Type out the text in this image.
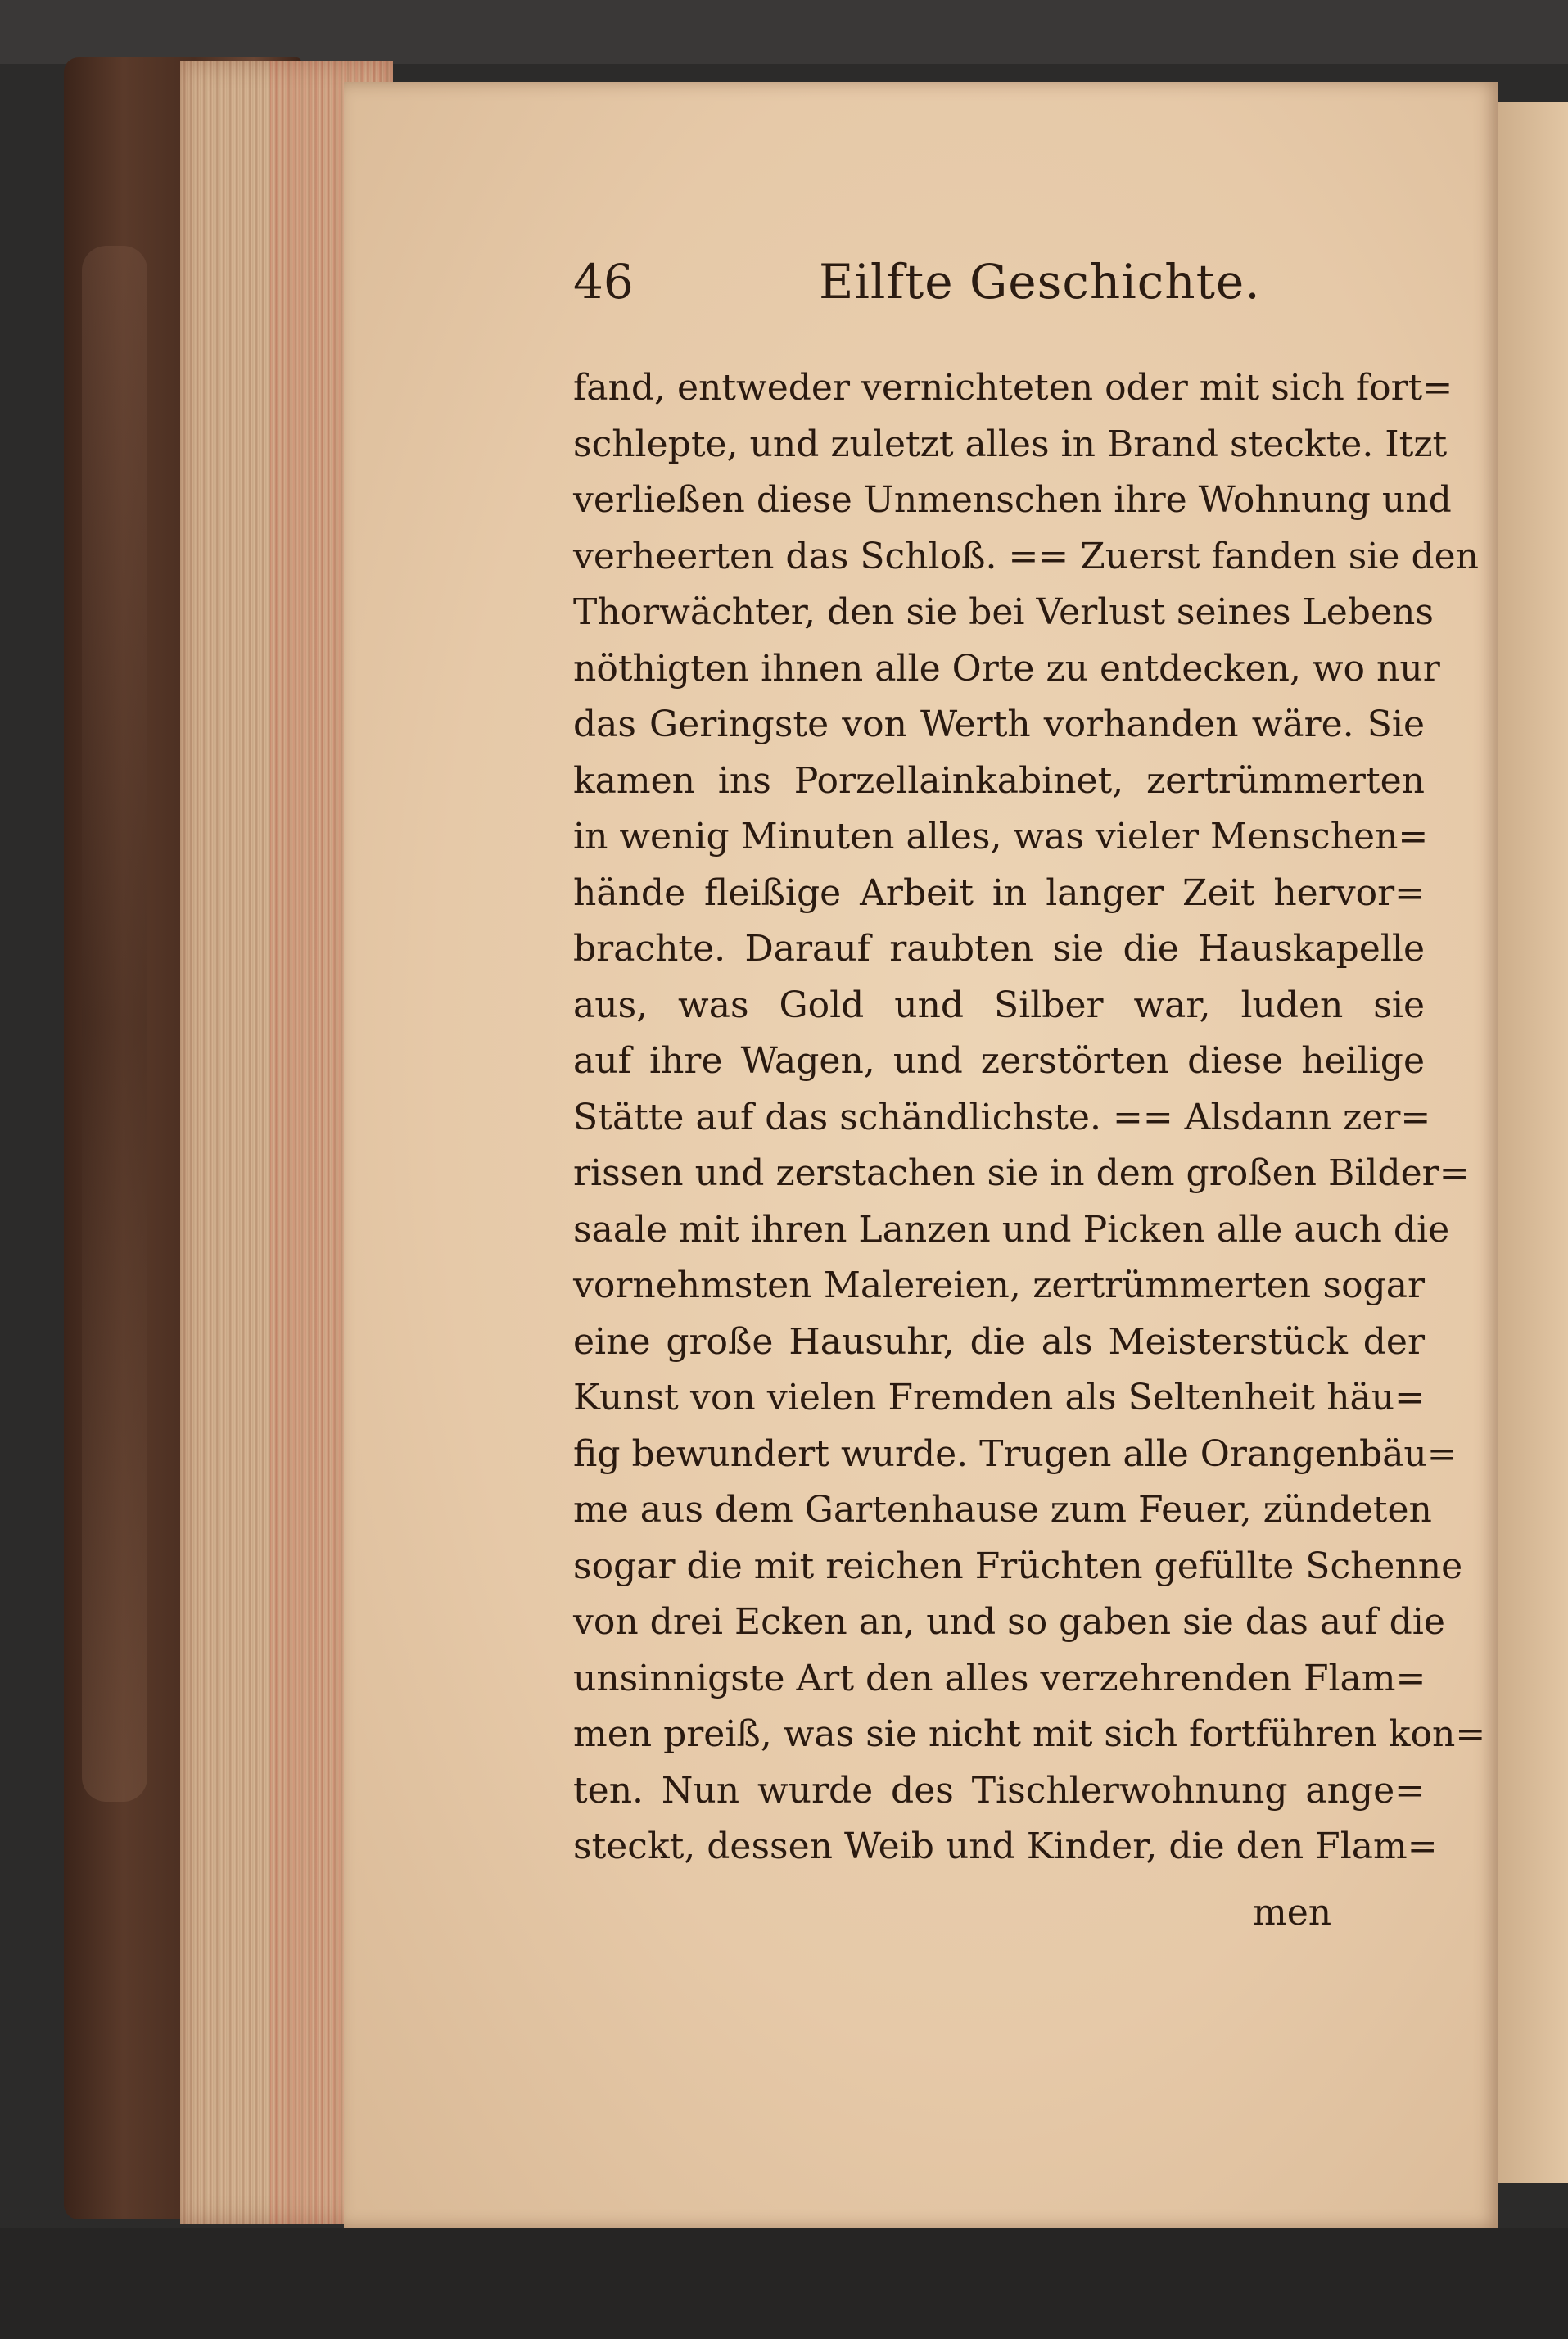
46	Eilfte Geschichte.
fand, entweder vernichteten oder mit sich fort=
schlepte, und zuletzt alles in Brand steckte. Itzt
verließen diese Unmenschen ihre Wohnung und
verheerten das Schloß. == Zuerst fanden sie den
Thorwächter, den sie bei Verlust seines Lebens
nöthigten ihnen alle Orte zu entdecken, wo nur
das Geringste von Werth vorhanden wäre. Sie
kamen ins Porzellainkabinet, zertrümmerten
in wenig Minuten alles, was vieler Menschen=
hände fleißige Arbeit in langer Zeit hervor=
brachte. Darauf raubten sie die Hauskapelle
aus, was Gold und Silber war, luden sie
auf ihre Wagen, und zerstörten diese heilige
Stätte auf das schändlichste. == Alsdann zer=
rissen und zerstachen sie in dem großen Bilder=
saale mit ihren Lanzen und Picken alle auch die
vornehmsten Malereien, zertrümmerten sogar
eine große Hausuhr, die als Meisterstück der
Kunst von vielen Fremden als Seltenheit häu=
fig bewundert wurde. Trugen alle Orangenbäu=
me aus dem Gartenhause zum Feuer, zündeten
sogar die mit reichen Früchten gefüllte Schenne
von drei Ecken an, und so gaben sie das auf die
unsinnigste Art den alles verzehrenden Flam=
men preiß, was sie nicht mit sich fortführen kon=
ten. Nun wurde des Tischlerwohnung ange=
steckt, dessen Weib und Kinder, die den Flam=
men
